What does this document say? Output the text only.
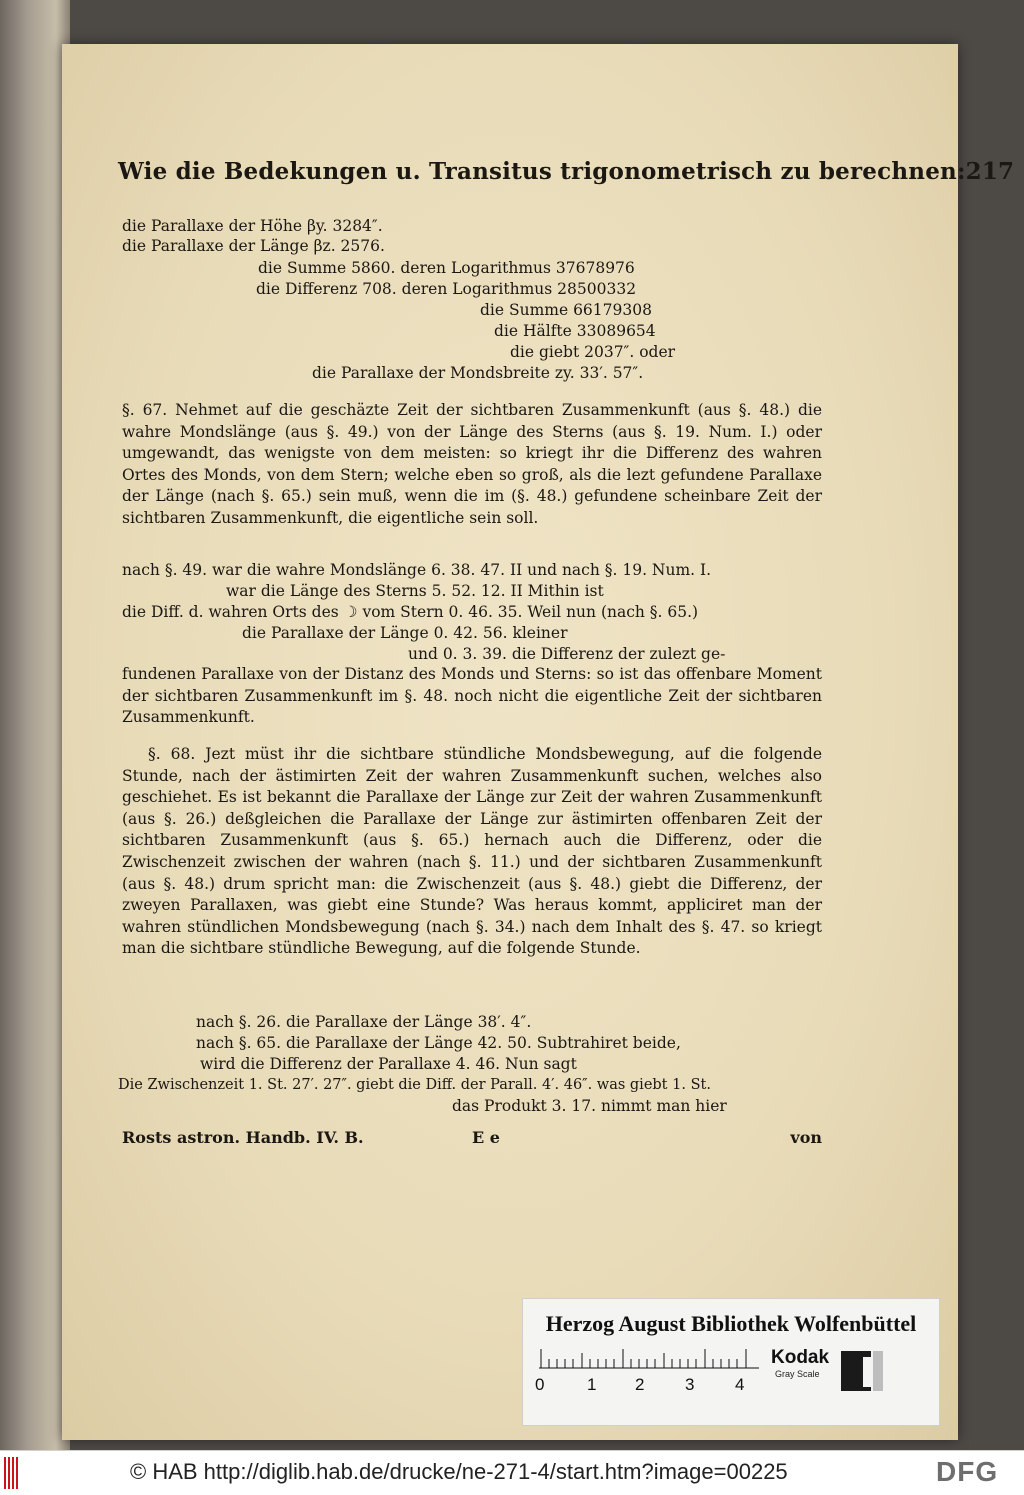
Wie die Bedekungen u. Transitus trigonometrisch zu berechnen: 217
die Parallaxe der Höhe βy. 3284″.
die Parallaxe der Länge βz. 2576.
die Summe 5860. deren Logarithmus 37678976
die Differenz 708. deren Logarithmus 28500332
die Summe 66179308
die Hälfte 33089654
die giebt 2037″. oder
die Parallaxe der Mondsbreite zy. 33′. 57″.

§. 67. Nehmet auf die geschäzte Zeit der sichtbaren Zusammenkunft (aus §. 48.) die wahre Mondslänge (aus §. 49.) von der Länge des Sterns (aus §. 19. Num. I.) oder umgewandt, das wenigste von dem meisten: so kriegt ihr die Differenz des wahren Ortes des Monds, von dem Stern; welche eben so groß, als die lezt gefundene Parallaxe der Länge (nach §. 65.) sein muß, wenn die im (§. 48.) gefundene scheinbare Zeit der sichtbaren Zusammenkunft, die eigentliche sein soll.

nach §. 49. war die wahre Mondslänge 6. 38. 47. II und nach §. 19. Num. I.
war die Länge des Sterns 5. 52. 12. II Mithin ist
die Diff. d. wahren Orts des ☽ vom Stern 0. 46. 35. Weil nun (nach §. 65.)
die Parallaxe der Länge 0. 42. 56. kleiner
und 0. 3. 39. die Differenz der zulezt ge-

fundenen Parallaxe von der Distanz des Monds und Sterns: so ist das offenbare Moment der sichtbaren Zusammenkunft im §. 48. noch nicht die eigentliche Zeit der sichtbaren Zusammenkunft.

§. 68. Jezt müst ihr die sichtbare stündliche Mondsbewegung, auf die folgende Stunde, nach der ästimirten Zeit der wahren Zusammenkunft suchen, welches also geschiehet. Es ist bekannt die Parallaxe der Länge zur Zeit der wahren Zusammenkunft (aus §. 26.) deßgleichen die Parallaxe der Länge zur ästimirten offenbaren Zeit der sichtbaren Zusammenkunft (aus §. 65.) hernach auch die Differenz, oder die Zwischenzeit zwischen der wahren (nach §. 11.) und der sichtbaren Zusammenkunft (aus §. 48.) drum spricht man: die Zwischenzeit (aus §. 48.) giebt die Differenz, der zweyen Parallaxen, was giebt eine Stunde? Was heraus kommt, appliciret man der wahren stündlichen Mondsbewegung (nach §. 34.) nach dem Inhalt des §. 47. so kriegt man die sichtbare stündliche Bewegung, auf die folgende Stunde.

nach §. 26. die Parallaxe der Länge 38′. 4″.
nach §. 65. die Parallaxe der Länge 42. 50. Subtrahiret beide,
wird die Differenz der Parallaxe 4. 46. Nun sagt
Die Zwischenzeit 1. St. 27′. 27″. giebt die Diff. der Parall. 4′. 46″. was giebt 1. St.
das Produkt 3. 17. nimmt man hier
Rosts astron. Handb. IV. B.	E e	von
Herzog August Bibliothek Wolfenbüttel
0	1 2 3 4
Kodak
Gray Scale
© HAB http://diglib.hab.de/drucke/ne-271-4/start.htm?image=00225	DFG
